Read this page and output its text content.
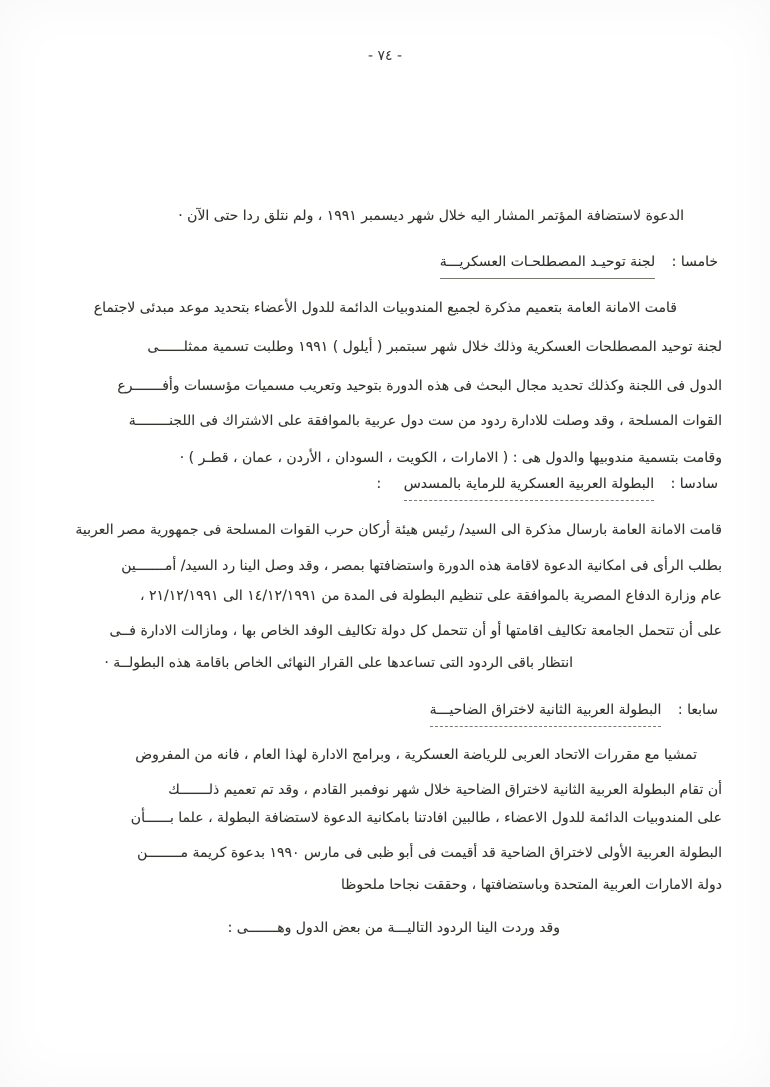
- ٧٤ -
الدعوة لاستضافة المؤتمر المشار اليه خلال شهر ديسمبر ١٩٩١ ، ولم نتلق ردا حتى الآن ·
خامسا : لجنة توحيـد المصطلحـات العسكريـــة
قامت الامانة العامة بتعميم مذكرة لجميع المندوبيات الدائمة للدول الأعضاء بتحديد موعد مبدئى لاجتماع
لجنة توحيد المصطلحات العسكرية وذلك خلال شهر سبتمبر ( أيلول ) ١٩٩١ وطلبت تسمية ممثلــــــى
الدول فى اللجنة وكذلك تحديد مجال البحث فى هذه الدورة بتوحيد وتعريب مسميات مؤسسات وأفـــــــرع
القوات المسلحة ، وقد وصلت للادارة ردود من ست دول عربية بالموافقة على الاشتراك فى اللجنــــــــة
وقامت بتسمية مندوبيها والدول هى : ( الامارات ، الكويت ، السودان ، الأردن ، عمان ، قطـر ) ·
سادسا : البطولة العربية العسكرية للرماية بالمسدس :
قامت الامانة العامة بارسال مذكرة الى السيد/ رئيس هيئة أركان حرب القوات المسلحة فى جمهورية مصر العربية
بطلب الرأى فى امكانية الدعوة لاقامة هذه الدورة واستضافتها بمصر ، وقد وصل الينا رد السيد/ أمـــــــين
عام وزارة الدفاع المصرية بالموافقة على تنظيم البطولة فى المدة من ١٤/١٢/١٩٩١ الى ٢١/١٢/١٩٩١ ،
على أن تتحمل الجامعة تكاليف اقامتها أو أن تتحمل كل دولة تكاليف الوفد الخاص بها ، ومازالت الادارة فــى
انتظار باقى الردود التى تساعدها على القرار النهائى الخاص باقامة هذه البطولــة ·
سابعا : البطولة العربية الثانية لاختراق الضاحيـــة
تمشيا مع مقررات الاتحاد العربى للرياضة العسكرية ، وبرامج الادارة لهذا العام ، فانه من المفروض
أن تقام البطولة العربية الثانية لاختراق الضاحية خلال شهر نوفمبر القادم ، وقد تم تعميم ذلـــــــك
على المندوبيات الدائمة للدول الاعضاء ، طالبين افادتنا بامكانية الدعوة لاستضافة البطولة ، علما بــــــأن
البطولة العربية الأولى لاختراق الضاحية قد أقيمت فى أبو ظبى فى مارس ١٩٩٠ بدعوة كريمة مــــــــن
دولة الامارات العربية المتحدة وباستضافتها ، وحققت نجاحا ملحوظا
وقد وردت الينا الردود التاليـــة من بعض الدول وهـــــــى :
